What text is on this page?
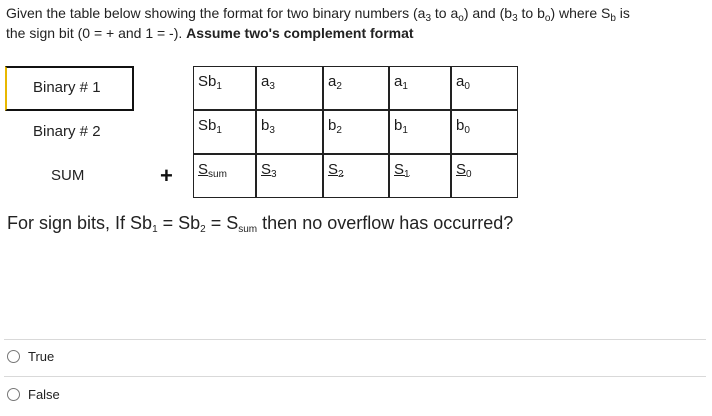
Given the table below showing the format for two binary numbers ($a_3$ to $a_o$) and ($b_3$ to $b_o$) where $S_b$ is
the sign bit (0 = + and 1 = -). Assume two's complement format
Binary # 1	$Sb_1$	$a_3$	$a_2$	$a_1$	$a_0$
Binary # 2	$Sb_1$	$b_3$	$b_2$	$b_1$	$b_0$
SUM	+	$S_{sum}$	$S_3$	$S_2$	$S_1$	$S_0$
For sign bits, If $Sb_1 = Sb_2 = S_{sum}$ then no overflow has occurred?
True
False
